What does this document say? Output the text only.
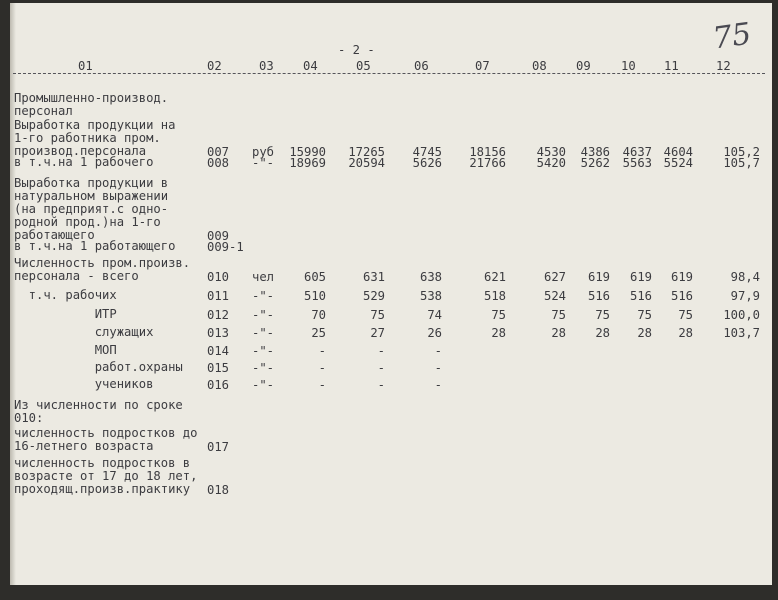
- 2 -	75
01	02	03 04	05	06	07	08 09 10 11	12
Промышленно-производ.
персонал
Выработка продукции на
1-го работника пром.
производ.персонала	007 руб 15990 17265 4745 18156	4530 4386 4637 4604 105,2
в т.ч.на 1 рабочего	008 -"- 18969 20594 5626 21766	5420 5262 5563 5524 105,7
Выработка продукции в
натуральном выражении
(на предприят.с одно-
родной прод.)на 1-го
работающего	009
в т.ч.на 1 работающего	009-1
Численность пром.произв.
персонала - всего	010 чел 605	631	638	621	627 619 619 619	98,4
т.ч. рабочих	011 -"- 510	529	538	518	524 516 516 516	97,9
ИТР	012 -"-	70	75	74	75	75 75 75 75 100,0
служащих	013 -"-	25	27	26	28	28 28 28 28 103,7
МОП	014 -"-	-	-	-
работ.охраны 015 -"-	-	-	-
учеников	016 -"-	-	-	-
Из численности по сроке
010:
численность подростков до
16-летнего возраста	017
численность подростков в
возрасте от 17 до 18 лет,
проходящ.произв.практику	018
